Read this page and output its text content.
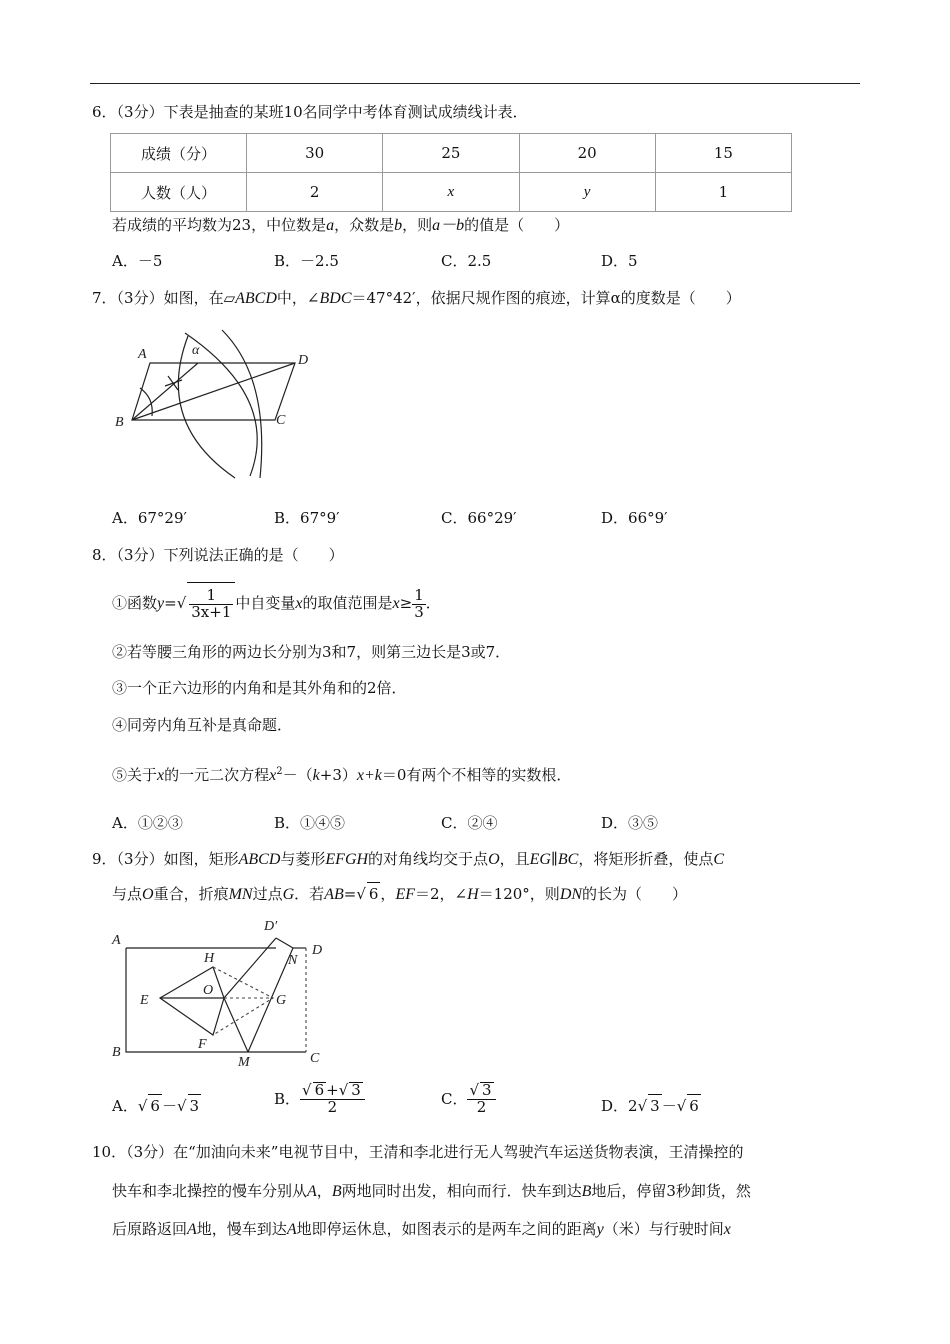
6．（3分）下表是抽查的某班10名同学中考体育测试成绩线计表．
成绩（分）	30	25	20	15
人数（人）	2	x	y	1
若成绩的平均数为23，中位数是a，众数是b，则a－b的值是（　　）
A．－5	B．－2.5	C．2.5	D．5
7．（3分）如图，在▱ABCD中，∠BDC＝47°42′，依据尺规作图的痕迹，计算α的度数是（　　）
A	α
D
B	C
A．67°29′	B．67°9′	C．66°29′	D．66°9′
8．（3分）下列说法正确的是（　　）
①函数$y=√ \frac{1}{3x+1}$ 中自变量x的取值范围是$x\ge \frac{1}{3}$ ．
②若等腰三角形的两边长分别为3和7，则第三边长是3或7．
③一个正六边形的内角和是其外角和的2倍．
④同旁内角互补是真命题．
⑤关于x的一元二次方程$x^2-(k+3)x+k=0$有两个不相等的实数根．
A．①②③	B．①④⑤	C．②④	D．③⑤
9．（3分）如图，矩形ABCD与菱形EFGH的对角线均交于点O，且EG∥BC，将矩形折叠，使点C
与点O重合，折痕MN过点G．若AB=√ 6 ，EF＝2，∠H＝120°，则DN的长为（　　）
A
D′
D
H	N
E
O
G
F
B
M	C
A．√ 6 －√ 3	B． $\frac{√ 6 +√ 3}{2}$	C． $\frac{√ 3}{2}$	D．2√ 3 －√ 6
10．（3分）在“加油向未来”电视节目中，王清和李北进行无人驾驶汽车运送货物表演，王清操控的
快车和李北操控的慢车分别从A，B两地同时出发，相向而行．快车到达B地后，停留3秒卸货，然
后原路返回A地，慢车到达A地即停运休息，如图表示的是两车之间的距离y（米）与行驶时间x
